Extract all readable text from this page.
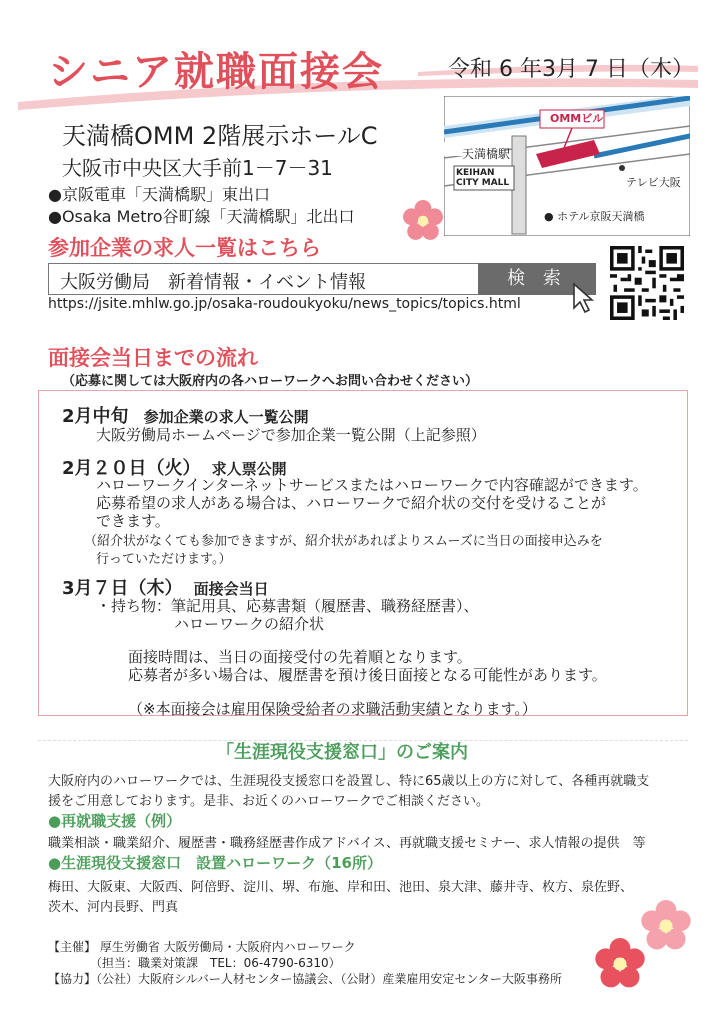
シニア就職面接会	令和 6 年3月 7 日（木）
天満橋OMM 2階展示ホールC
大阪市中央区大手前1－7－31
●京阪電車「天満橋駅」東出口
●Osaka Metro谷町線「天満橋駅」北出口
OMMビル
天満橋駅
KEIHAN
CITY MALL	テレビ大阪
● ホテル京阪天満橋
参加企業の求人一覧はこちら
大阪労働局　新着情報・イベント情報	検 索
https://jsite.mhlw.go.jp/osaka-roudoukyoku/news_topics/topics.html
面接会当日までの流れ
（応募に関しては大阪府内の各ハローワークへお問い合わせください）
2月中旬 参加企業の求人一覧公開
大阪労働局ホームページで参加企業一覧公開（上記参照）
2月２０日（火） 求人票公開
ハローワークインターネットサービスまたはハローワークで内容確認ができます。
応募希望の求人がある場合は、ハローワークで紹介状の交付を受けることが
できます。
（紹介状がなくても参加できますが、紹介状があればよりスムーズに当日の面接申込みを
行っていただけます。）
3月７日（木） 面接会当日
・持ち物：筆記用具、応募書類（履歴書、職務経歴書）、
ハローワークの紹介状
面接時間は、当日の面接受付の先着順となります。
応募者が多い場合は、履歴書を預け後日面接となる可能性があります。
（※本面接会は雇用保険受給者の求職活動実績となります。）
「生涯現役支援窓口」のご案内
大阪府内のハローワークでは、生涯現役支援窓口を設置し、特に65歳以上の方に対して、各種再就職支
援をご用意しております。是非、お近くのハローワークでご相談ください。
●再就職支援（例）
職業相談・職業紹介、履歴書・職務経歴書作成アドバイス、再就職支援セミナー、求人情報の提供　等
●生涯現役支援窓口　設置ハローワーク（16所）
梅田、大阪東、大阪西、阿倍野、淀川、堺、布施、岸和田、池田、泉大津、藤井寺、枚方、泉佐野、
茨木、河内長野、門真
【主催】 厚生労働省 大阪労働局・大阪府内ハローワーク
　　　　（担当：職業対策課　TEL：06-4790-6310）
【協力】（公社）大阪府シルバー人材センター協議会、（公財）産業雇用安定センター大阪事務所
